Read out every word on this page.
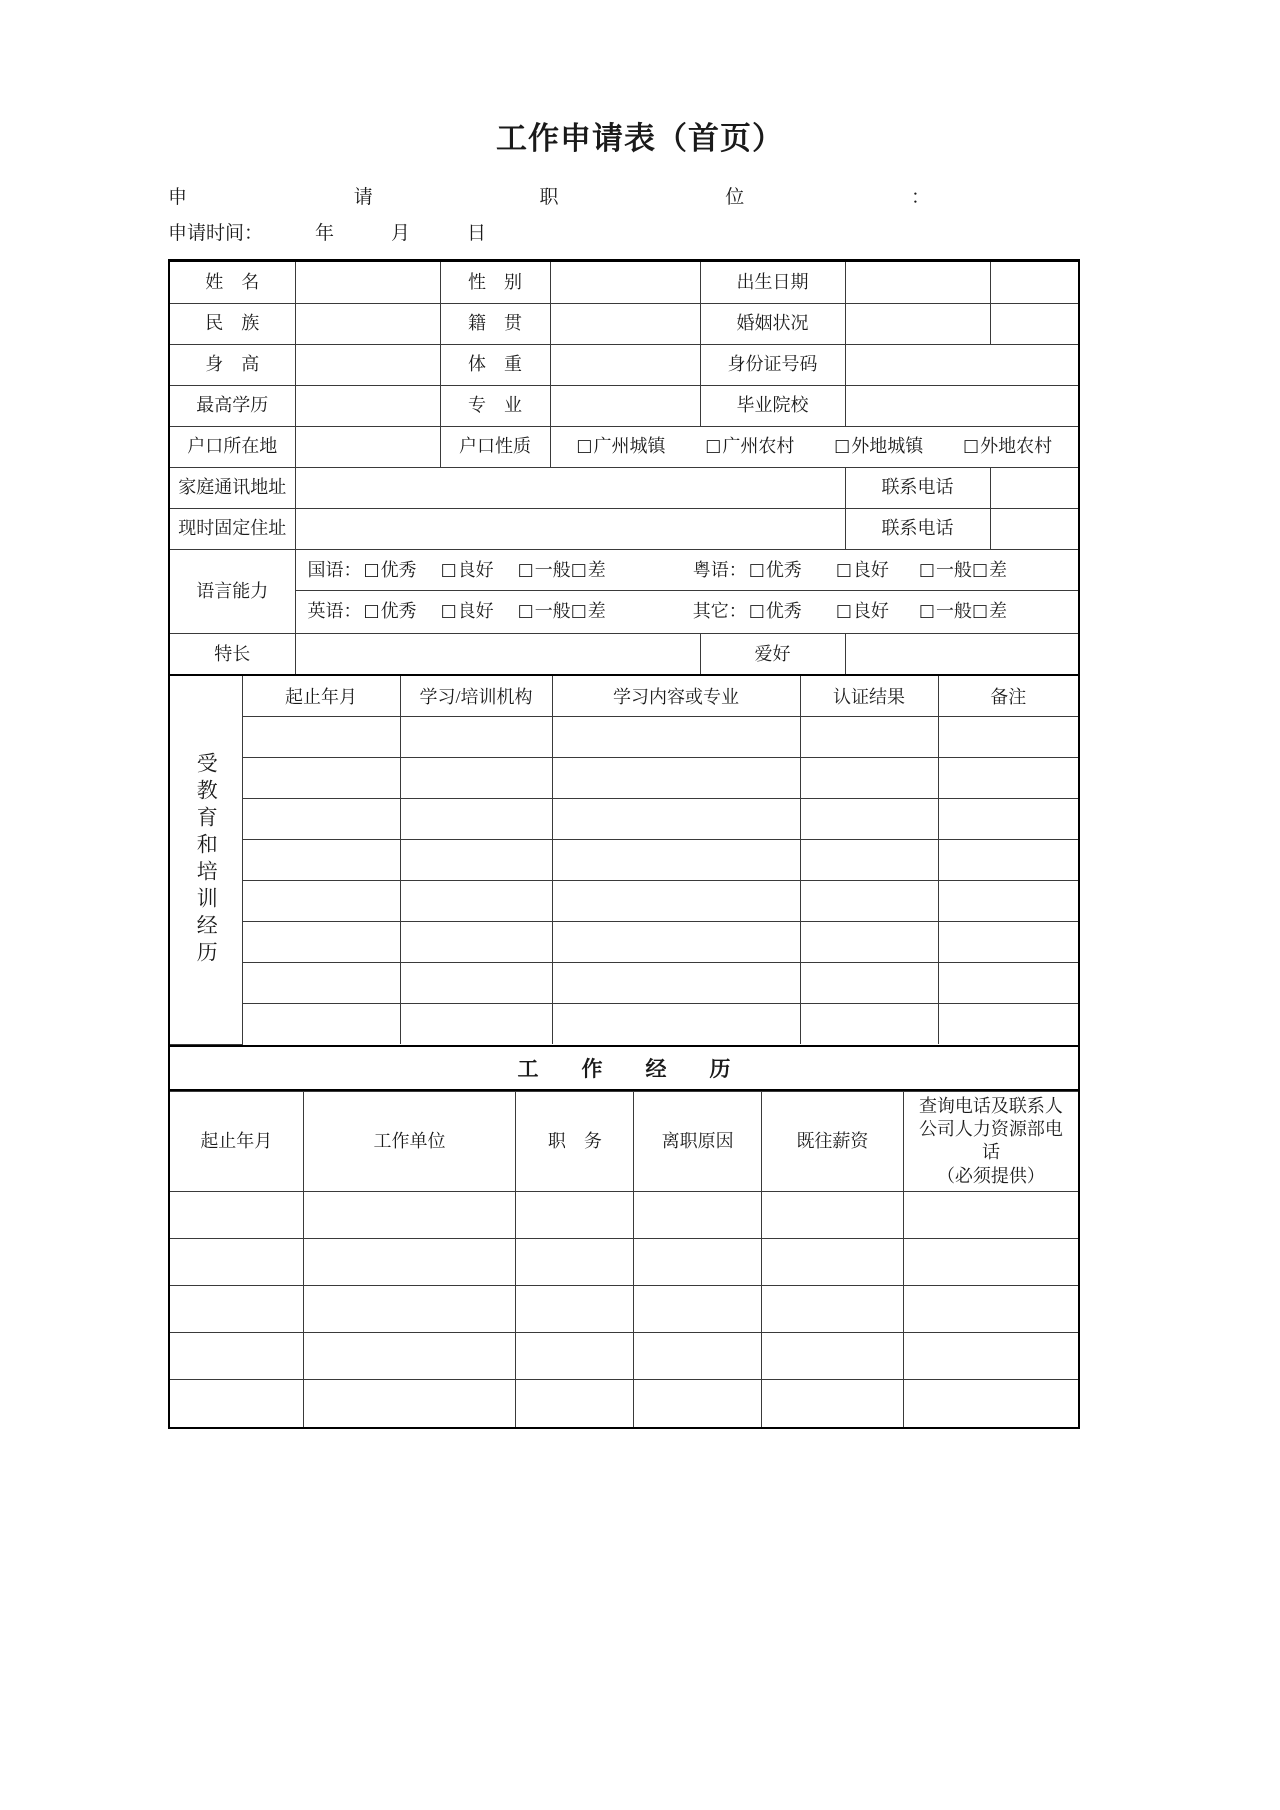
工作申请表（首页）
申	请	职	位	：
申请时间：	年　　　月　　　日
姓　名		性　别		出生日期		
民　族		籍　贯		婚姻状况		
身　高		体　重		身份证号码		
最高学历		专　业		毕业院校		
户口所在地		户口性质	□广州城镇 □广州农村 □外地城镇 □外地农村			

家庭通讯地址					联系电话	
现时固定住址					联系电话	
语言能力	
国语： □优秀 □良好 □一般 □差	粤语： □优秀 □良好 □一般 □差
英语： □优秀 □良好 □一般 □差	其它： □优秀 □良好 □一般 □差

特长				爱好		
受教育和培训经历	起止年月	学习/培训机构	学习内容或专业	认证结果	备注

工　作　经　历
起止年月	工作单位	职　务	离职原因	既往薪资	查询电话及联系人
公司人力资源部电
话
（必须提供）
